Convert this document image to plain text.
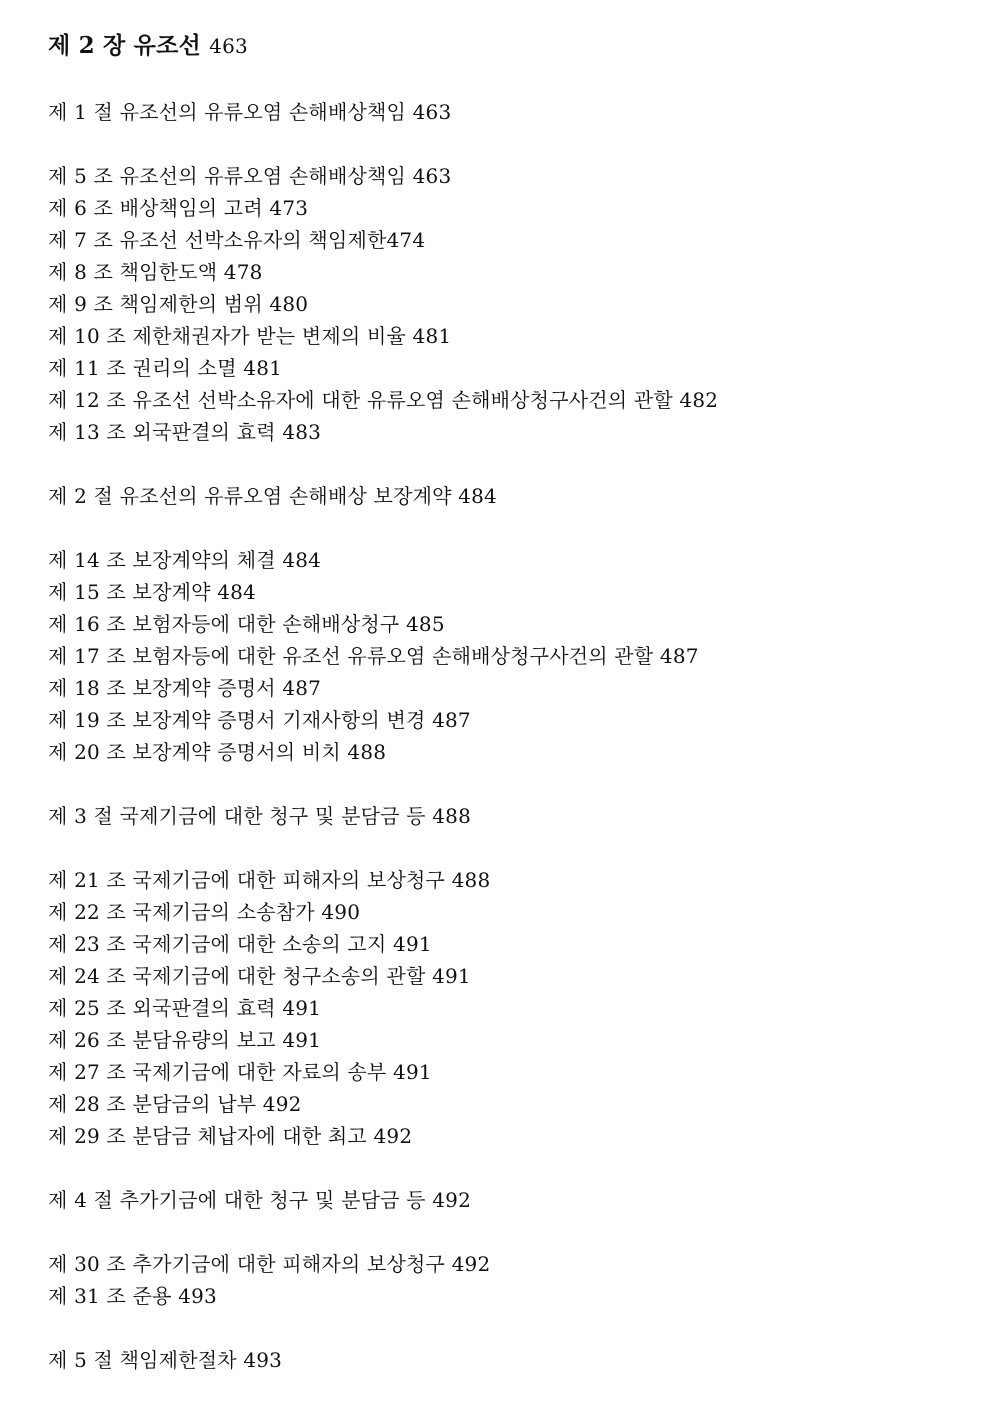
제 2 장 유조선 463
제 1 절 유조선의 유류오염 손해배상책임 463
제 5 조 유조선의 유류오염 손해배상책임 463
제 6 조 배상책임의 고려 473
제 7 조 유조선 선박소유자의 책임제한474
제 8 조 책임한도액 478
제 9 조 책임제한의 범위 480
제 10 조 제한채권자가 받는 변제의 비율 481
제 11 조 권리의 소멸 481
제 12 조 유조선 선박소유자에 대한 유류오염 손해배상청구사건의 관할 482
제 13 조 외국판결의 효력 483
제 2 절 유조선의 유류오염 손해배상 보장계약 484
제 14 조 보장계약의 체결 484
제 15 조 보장계약 484
제 16 조 보험자등에 대한 손해배상청구 485
제 17 조 보험자등에 대한 유조선 유류오염 손해배상청구사건의 관할 487
제 18 조 보장계약 증명서 487
제 19 조 보장계약 증명서 기재사항의 변경 487
제 20 조 보장계약 증명서의 비치 488
제 3 절 국제기금에 대한 청구 및 분담금 등 488
제 21 조 국제기금에 대한 피해자의 보상청구 488
제 22 조 국제기금의 소송참가 490
제 23 조 국제기금에 대한 소송의 고지 491
제 24 조 국제기금에 대한 청구소송의 관할 491
제 25 조 외국판결의 효력 491
제 26 조 분담유량의 보고 491
제 27 조 국제기금에 대한 자료의 송부 491
제 28 조 분담금의 납부 492
제 29 조 분담금 체납자에 대한 최고 492
제 4 절 추가기금에 대한 청구 및 분담금 등 492
제 30 조 추가기금에 대한 피해자의 보상청구 492
제 31 조 준용 493
제 5 절 책임제한절차 493
